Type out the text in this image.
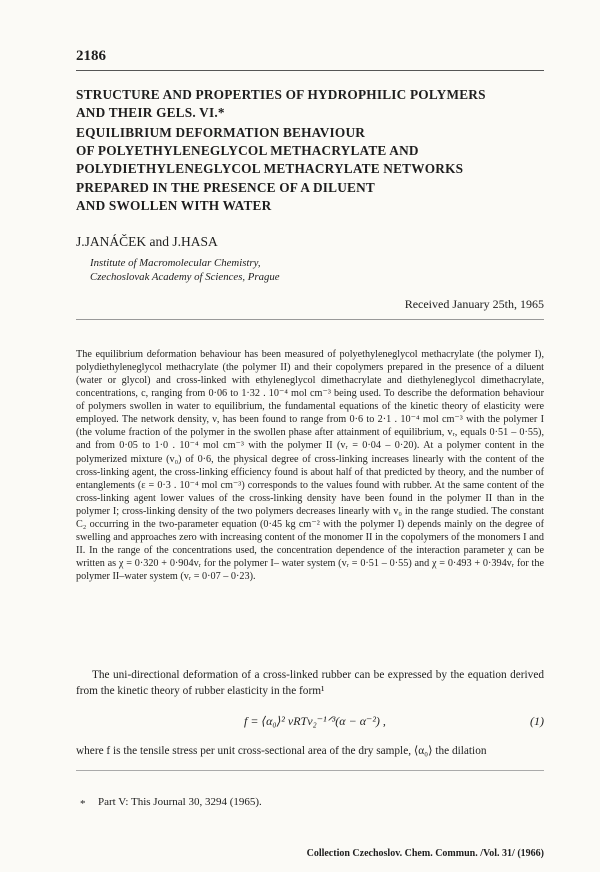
2186
STRUCTURE AND PROPERTIES OF HYDROPHILIC POLYMERS
AND THEIR GELS. VI.*
EQUILIBRIUM DEFORMATION BEHAVIOUR
OF POLYETHYLENEGLYCOL METHACRYLATE AND
POLYDIETHYLENEGLYCOL METHACRYLATE NETWORKS
PREPARED IN THE PRESENCE OF A DILUENT
AND SWOLLEN WITH WATER
J.JANÁČEK and J.HASA
Institute of Macromolecular Chemistry,
Czechoslovak Academy of Sciences, Prague
Received January 25th, 1965
The equilibrium deformation behaviour has been measured of polyethyleneglycol methacrylate (the polymer I), polydiethyleneglycol methacrylate (the polymer II) and their copolymers prepared in the presence of a diluent (water or glycol) and cross-linked with ethyleneglycol dimethacrylate and diethyleneglycol dimethacrylate, concentrations, c, ranging from 0·06 to 1·32 . 10⁻⁴ mol cm⁻³ being used. To describe the deformation behaviour of polymers swollen in water to equilibrium, the fundamental equations of the kinetic theory of elasticity were employed. The network density, ν, has been found to range from 0·6 to 2·1 . 10⁻⁴ mol cm⁻³ with the polymer I (the volume fraction of the polymer in the swollen phase after attainment of equilibrium, vᵣ, equals 0·51 – 0·55), and from 0·05 to 1·0 . 10⁻⁴ mol cm⁻³ with the polymer II (vᵣ = 0·04 – 0·20). At a polymer content in the polymerized mixture (v₀) of 0·6, the physical degree of cross-linking increases linearly with the content of the cross-linking agent, the cross-linking efficiency found is about half of that predicted by theory, and the number of entanglements (ε = 0·3 . 10⁻⁴ mol cm⁻³) corresponds to the values found with rubber. At the same content of the cross-linking agent lower values of the cross-linking density have been found in the polymer II than in the polymer I; cross-linking density of the two polymers decreases linearly with v₀ in the range studied. The constant C₂ occurring in the two-parameter equation (0·45 kg cm⁻² with the polymer I) depends mainly on the degree of swelling and approaches zero with increasing content of the monomer II in the copolymers of the monomers I and II. In the range of the concentrations used, the concentration dependence of the interaction parameter χ can be written as χ = 0·320 + 0·904vᵣ for the polymer I– water system (vᵣ = 0·51 – 0·55) and χ = 0·493 + 0·394vᵣ for the polymer II–water system (vᵣ = 0·07 – 0·23).
The uni-directional deformation of a cross-linked rubber can be expressed by the equation derived from the kinetic theory of rubber elasticity in the form¹
f = ⟨α₀⟩² νRTv₂⁻¹ᐟ³(α − α⁻²) ,	(1)
where f is the tensile stress per unit cross-sectional area of the dry sample, ⟨α₀⟩ the dilation
* Part V: This Journal 30, 3294 (1965).
Collection Czechoslov. Chem. Commun. /Vol. 31/ (1966)
